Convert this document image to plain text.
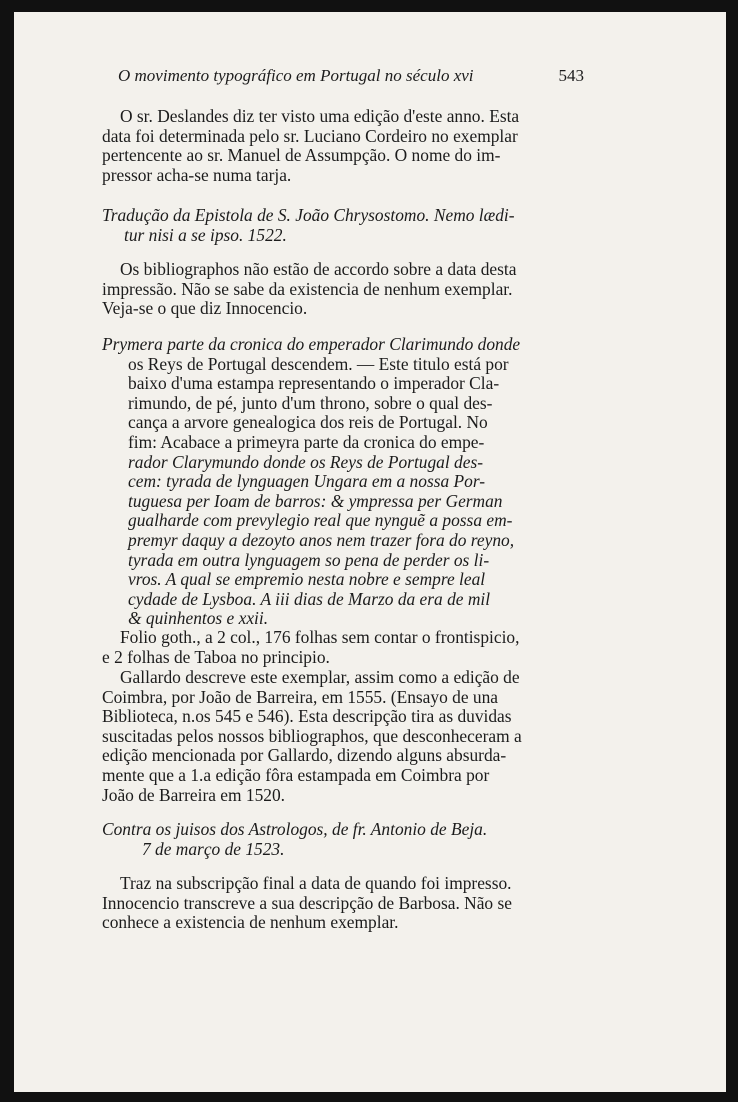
O movimento typográfico em Portugal no século xvi	543

O sr. Deslandes diz ter visto uma edição d'este anno. Esta
data foi determinada pelo sr. Luciano Cordeiro no exemplar
pertencente ao sr. Manuel de Assumpção. O nome do im-
pressor acha-se numa tarja.

Tradução da Epistola de S. João Chrysostomo. Nemo lædi-
tur nisi a se ipso. 1522.

Os bibliographos não estão de accordo sobre a data desta
impressão. Não se sabe da existencia de nenhum exemplar.
Veja-se o que diz Innocencio.

Prymera parte da cronica do emperador Clarimundo donde
os Reys de Portugal descendem. — Este titulo está por
baixo d'uma estampa representando o imperador Cla-
rimundo, de pé, junto d'um throno, sobre o qual des-
cança a arvore genealogica dos reis de Portugal. No
fim: Acabace a primeyra parte da cronica do empe-
rador Clarymundo donde os Reys de Portugal des-
cem: tyrada de lynguagen Ungara em a nossa Por-
tuguesa per Ioam de barros: & ympressa per German
gualharde com prevylegio real que nynguẽ a possa em-
premyr daquy a dezoyto anos nem trazer fora do reyno,
tyrada em outra lynguagem so pena de perder os li-
vros. A qual se empremio nesta nobre e sempre leal
cydade de Lysboa. A iii dias de Marzo da era de mil
& quinhentos e xxii.

Folio goth., a 2 col., 176 folhas sem contar o frontispicio,
e 2 folhas de Taboa no principio.

Gallardo descreve este exemplar, assim como a edição de
Coimbra, por João de Barreira, em 1555. (Ensayo de una
Biblioteca, n.os 545 e 546). Esta descripção tira as duvidas
suscitadas pelos nossos bibliographos, que desconheceram a
edição mencionada por Gallardo, dizendo alguns absurda-
mente que a 1.a edição fôra estampada em Coimbra por
João de Barreira em 1520.

Contra os juisos dos Astrologos, de fr. Antonio de Beja.
7 de março de 1523.

Traz na subscripção final a data de quando foi impresso.
Innocencio transcreve a sua descripção de Barbosa. Não se
conhece a existencia de nenhum exemplar.
